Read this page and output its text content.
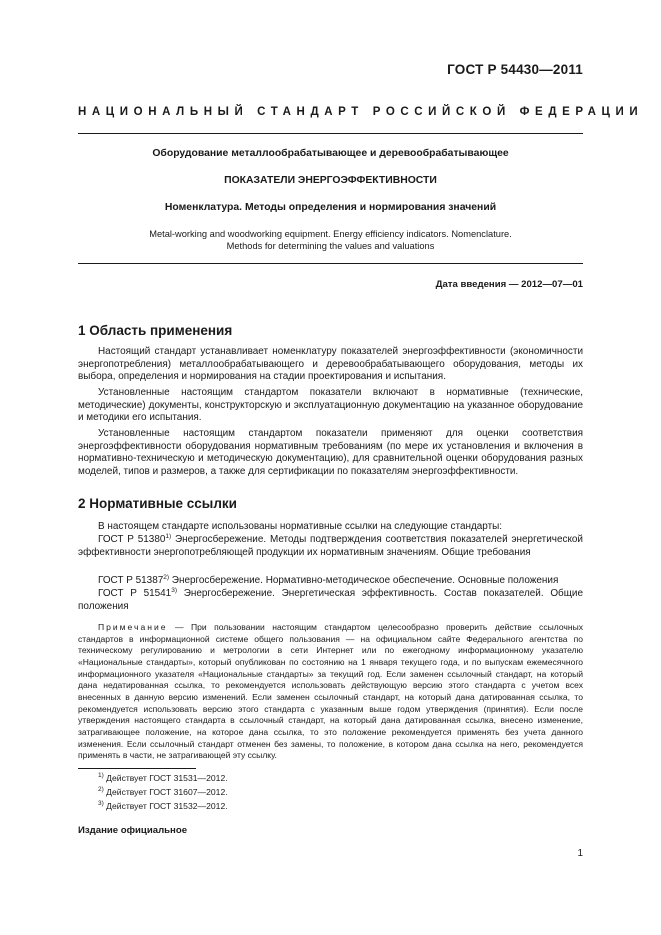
ГОСТ Р 54430—2011
НАЦИОНАЛЬНЫЙ СТАНДАРТ РОССИЙСКОЙ ФЕДЕРАЦИИ
Оборудование металлообрабатывающее и деревообрабатывающее
ПОКАЗАТЕЛИ ЭНЕРГОЭФФЕКТИВНОСТИ
Номенклатура. Методы определения и нормирования значений
Metal-working and woodworking equipment. Energy efficiency indicators. Nomenclature.
Methods for determining the values and valuations
Дата введения — 2012—07—01
1 Область применения
Настоящий стандарт устанавливает номенклатуру показателей энергоэффективности (экономичности энергопотребления) металлообрабатывающего и деревообрабатывающего оборудования, методы их выбора, определения и нормирования на стадии проектирования и испытания.
Установленные настоящим стандартом показатели включают в нормативные (технические, методические) документы, конструкторскую и эксплуатационную документацию на указанное оборудование и методики его испытания.
Установленные настоящим стандартом показатели применяют для оценки соответствия энергоэффективности оборудования нормативным требованиям (по мере их установления и включения в нормативно-техническую и методическую документацию), для сравнительной оценки оборудования разных моделей, типов и размеров, а также для сертификации по показателям энергоэффективности.
2 Нормативные ссылки
В настоящем стандарте использованы нормативные ссылки на следующие стандарты:
ГОСТ Р 51380$^{1)}$ Энергосбережение. Методы подтверждения соответствия показателей энергетической эффективности энергопотребляющей продукции их нормативным значениям. Общие требования
ГОСТ Р 51387$^{2)}$ Энергосбережение. Нормативно-методическое обеспечение. Основные положения
ГОСТ Р 51541$^{3)}$ Энергосбережение. Энергетическая эффективность. Состав показателей. Общие положения
Примечание — При пользовании настоящим стандартом целесообразно проверить действие ссылочных стандартов в информационной системе общего пользования — на официальном сайте Федерального агентства по техническому регулированию и метрологии в сети Интернет или по ежегодному информационному указателю «Национальные стандарты», который опубликован по состоянию на 1 января текущего года, и по выпускам ежемесячного информационного указателя «Национальные стандарты» за текущий год. Если заменен ссылочный стандарт, на который дана недатированная ссылка, то рекомендуется использовать действующую версию этого стандарта с учетом всех внесенных в данную версию изменений. Если заменен ссылочный стандарт, на который дана датированная ссылка, то рекомендуется использовать версию этого стандарта с указанным выше годом утверждения (принятия). Если после утверждения настоящего стандарта в ссылочный стандарт, на который дана датированная ссылка, внесено изменение, затрагивающее положение, на которое дана ссылка, то это положение рекомендуется применять без учета данного изменения. Если ссылочный стандарт отменен без замены, то положение, в котором дана ссылка на него, рекомендуется применять в части, не затрагивающей эту ссылку.
$^{1)}$ Действует ГОСТ 31531—2012.
$^{2)}$ Действует ГОСТ 31607—2012.
$^{3)}$ Действует ГОСТ 31532—2012.
Издание официальное
1
